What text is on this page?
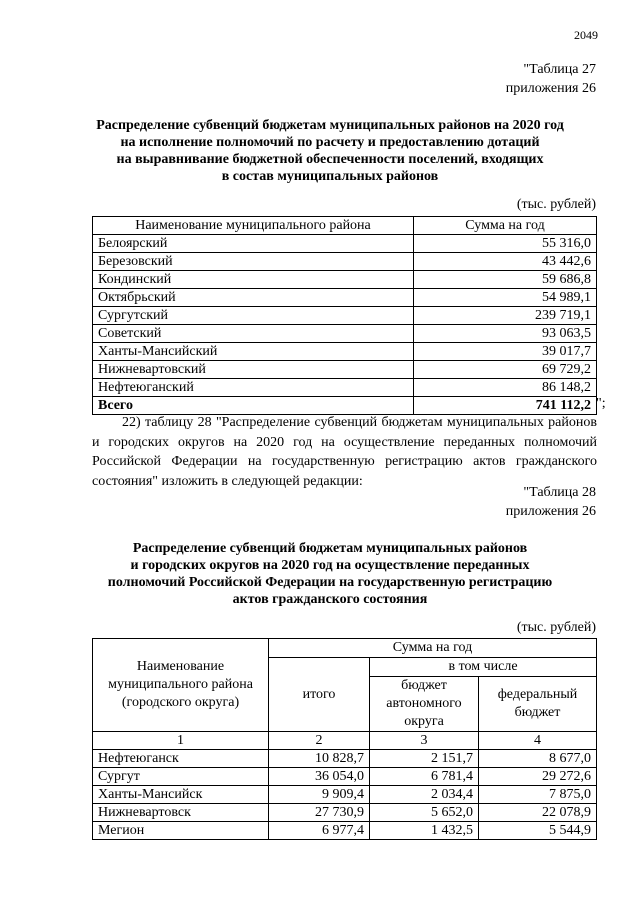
2049
"Таблица 27
приложения 26
Распределение субвенций бюджетам муниципальных районов на 2020 год
на исполнение полномочий по расчету и предоставлению дотаций
на выравнивание бюджетной обеспеченности поселений, входящих
в состав муниципальных районов
(тыс. рублей)
Наименование муниципального района	Сумма на год
Белоярский	55 316,0
Березовский	43 442,6
Кондинский	59 686,8
Октябрьский	54 989,1
Сургутский	239 719,1
Советский	93 063,5
Ханты-Мансийский	39 017,7
Нижневартовский	69 729,2
Нефтеюганский	86 148,2
Всего	741 112,2 ";

22) таблицу 28 "Распределение субвенций бюджетам муниципальных районов и городских округов на 2020 год на осуществление переданных полномочий Российской Федерации на государственную регистрацию актов гражданского состояния" изложить в следующей редакции:

"Таблица 28
приложения 26
Распределение субвенций бюджетам муниципальных районов
и городских округов на 2020 год на осуществление переданных
полномочий Российской Федерации на государственную регистрацию
актов гражданского состояния
(тыс. рублей)
Наименование муниципального района (городского округа)	Сумма на год		
	итого	в том числе	
		бюджет автономного округа	федеральный бюджет
1	2	3	4
Нефтеюганск	10 828,7	2 151,7	8 677,0
Сургут	36 054,0	6 781,4	29 272,6
Ханты-Мансийск	9 909,4	2 034,4	7 875,0
Нижневартовск	27 730,9	5 652,0	22 078,9
Мегион	6 977,4	1 432,5	5 544,9
